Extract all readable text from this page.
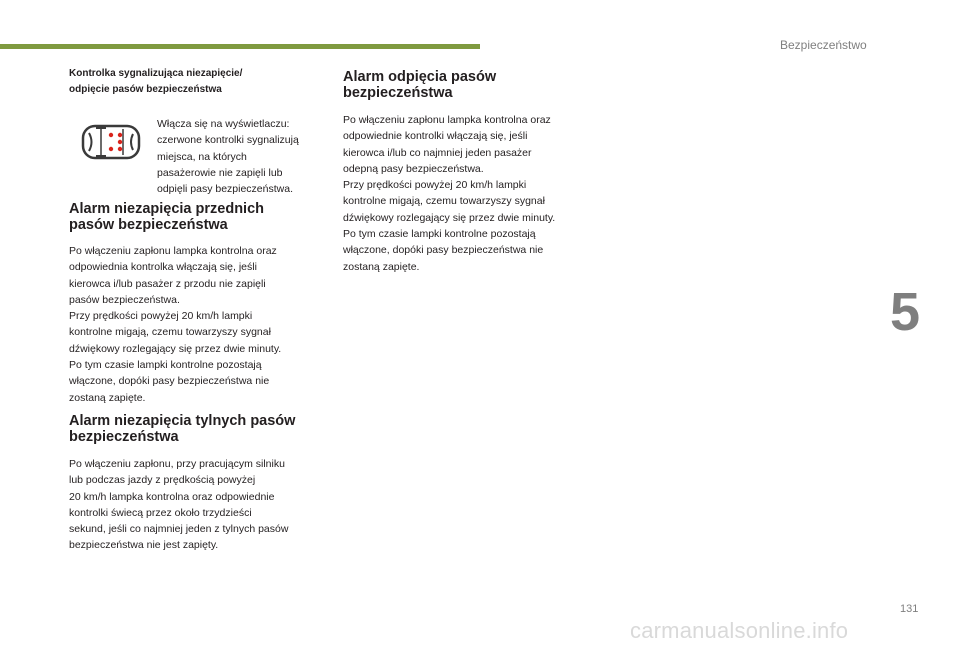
Bezpieczeństwo
5
131
carmanualsonline.info

Kontrolka sygnalizująca niezapięcie/
odpięcie pasów bezpieczeństwa

Włącza się na wyświetlaczu:
czerwone kontrolki sygnalizują
miejsca, na których
pasażerowie nie zapięli lub
odpięli pasy bezpieczeństwa.

Alarm niezapięcia przednich
pasów bezpieczeństwa

Po włączeniu zapłonu lampka kontrolna oraz
odpowiednia kontrolka włączają się, jeśli
kierowca i/lub pasażer z przodu nie zapięli
pasów bezpieczeństwa.
Przy prędkości powyżej 20 km/h lampki
kontrolne migają, czemu towarzyszy sygnał
dźwiękowy rozlegający się przez dwie minuty.
Po tym czasie lampki kontrolne pozostają
włączone, dopóki pasy bezpieczeństwa nie
zostaną zapięte.

Alarm niezapięcia tylnych pasów
bezpieczeństwa

Po włączeniu zapłonu, przy pracującym silniku
lub podczas jazdy z prędkością powyżej
20 km/h lampka kontrolna oraz odpowiednie
kontrolki świecą przez około trzydzieści
sekund, jeśli co najmniej jeden z tylnych pasów
bezpieczeństwa nie jest zapięty.

Alarm odpięcia pasów
bezpieczeństwa

Po włączeniu zapłonu lampka kontrolna oraz
odpowiednie kontrolki włączają się, jeśli
kierowca i/lub co najmniej jeden pasażer
odepną pasy bezpieczeństwa.
Przy prędkości powyżej 20 km/h lampki
kontrolne migają, czemu towarzyszy sygnał
dźwiękowy rozlegający się przez dwie minuty.
Po tym czasie lampki kontrolne pozostają
włączone, dopóki pasy bezpieczeństwa nie
zostaną zapięte.
